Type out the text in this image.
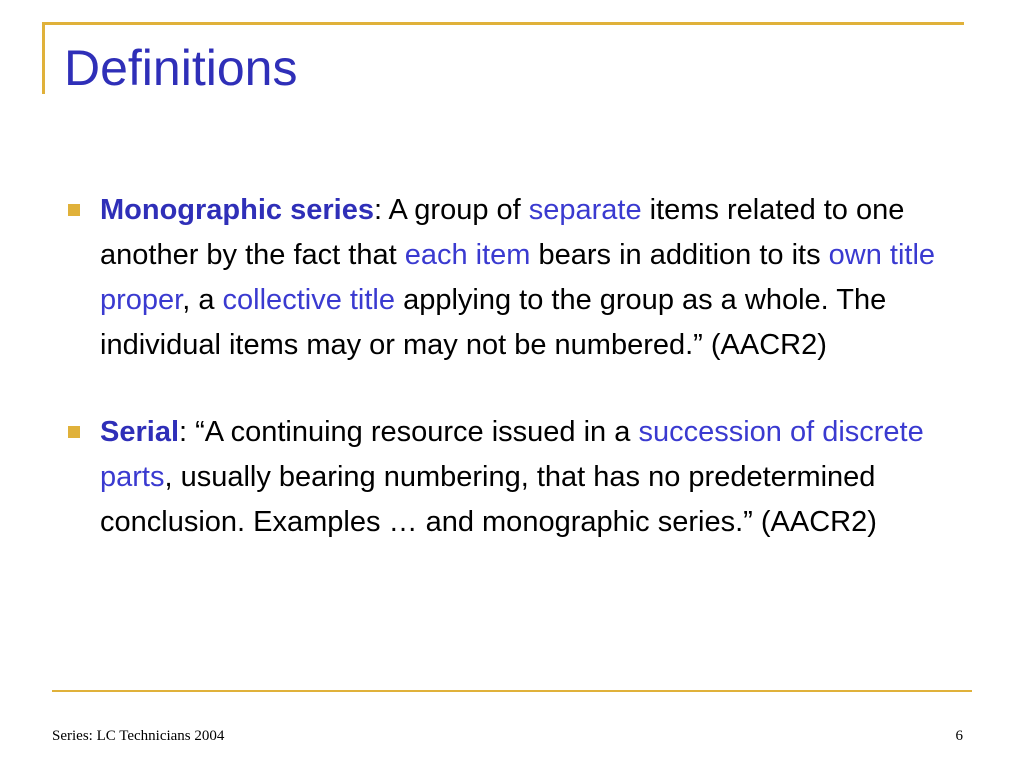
Definitions
Monographic series: A group of separate items related to one another by the fact that each item bears in addition to its own title proper, a collective title applying to the group as a whole. The individual items may or may not be numbered.” (AACR2)
Serial: “A continuing resource issued in a succession of discrete parts, usually bearing numbering, that has no predetermined conclusion. Examples … and monographic series.” (AACR2)
Series: LC Technicians 2004	6
